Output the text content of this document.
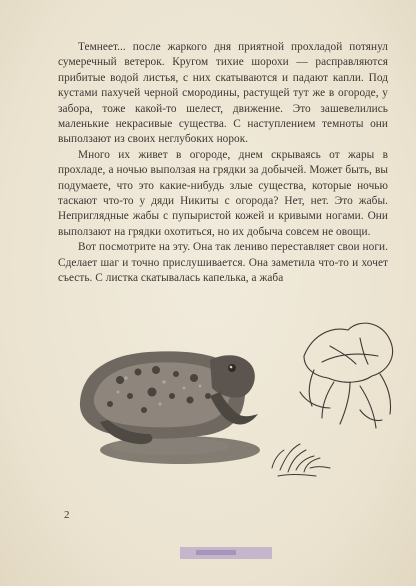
Темнеет... после жаркого дня приятной прохладой потянул сумеречный ветерок. Кругом тихие шорохи — расправляются прибитые водой листья, с них скатываются и падают капли. Под кустами пахучей черной смородины, растущей тут же в огороде, у забора, тоже какой-то шелест, движение. Это зашевелились маленькие некрасивые существа. С наступлением темноты они выползают из своих неглубоких норок.

Много их живет в огороде, днем скрываясь от жары в прохладе, а ночью выползая на грядки за добычей. Может быть, вы подумаете, что это какие-нибудь злые существа, которые ночью таскают что-то у дяди Никиты с огорода? Нет, нет. Это жабы. Неприглядные жабы с пупыристой кожей и кривыми ногами. Они выползают на грядки охотиться, но их добыча совсем не овощи.

Вот посмотрите на эту. Она так лениво переставляет свои ноги. Сделает шаг и точно прислушивается. Она заметила что-то и хочет съесть. С листка скатывалась капелька, а жаба

2
